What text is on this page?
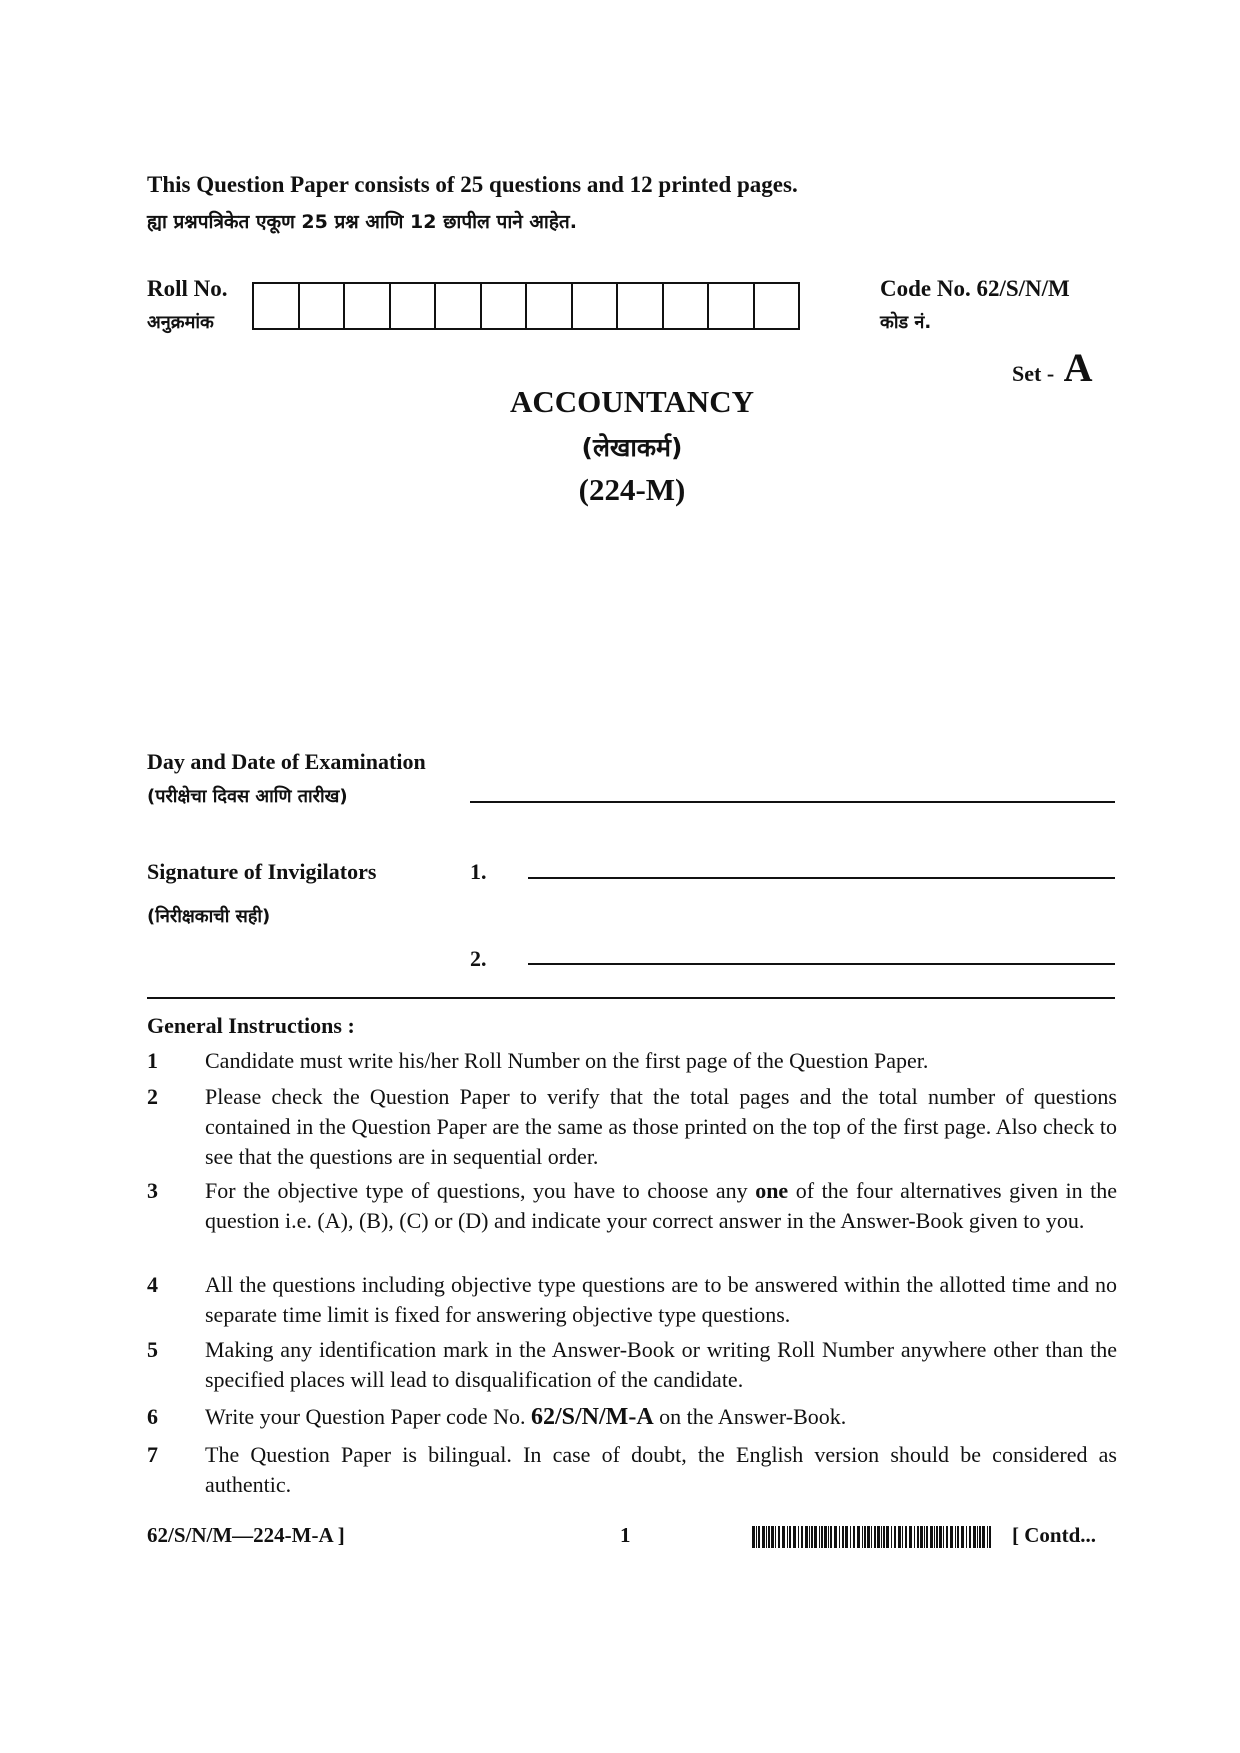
This Question Paper consists of 25 questions and 12 printed pages.
ह्या प्रश्नपत्रिकेत एकूण 25 प्रश्न आणि 12 छापील पाने आहेत.
Roll No.
अनुक्रमांक
Code No. 62/S/N/M
कोड नं.
Set - A
ACCOUNTANCY
(लेखाकर्म)
(224-M)
Day and Date of Examination
(परीक्षेचा दिवस आणि तारीख)
Signature of Invigilators
(निरीक्षकाची सही)
1.
2.
General Instructions :
1	Candidate must write his/her Roll Number on the first page of the Question Paper.
2	Please check the Question Paper to verify that the total pages and the total number of questions contained in the Question Paper are the same as those printed on the top of the first page. Also check to see that the questions are in sequential order.
3	For the objective type of questions, you have to choose any one of the four alternatives given in the question i.e. (A), (B), (C) or (D) and indicate your correct answer in the Answer-Book given to you.
4	All the questions including objective type questions are to be answered within the allotted time and no separate time limit is fixed for answering objective type questions.
5	Making any identification mark in the Answer-Book or writing Roll Number anywhere other than the specified places will lead to disqualification of the candidate.
6	Write your Question Paper code No. 62/S/N/M-A on the Answer-Book.
7	The Question Paper is bilingual. In case of doubt, the English version should be considered as authentic.
62/S/N/M—224-M-A ]	1	[ Contd...
